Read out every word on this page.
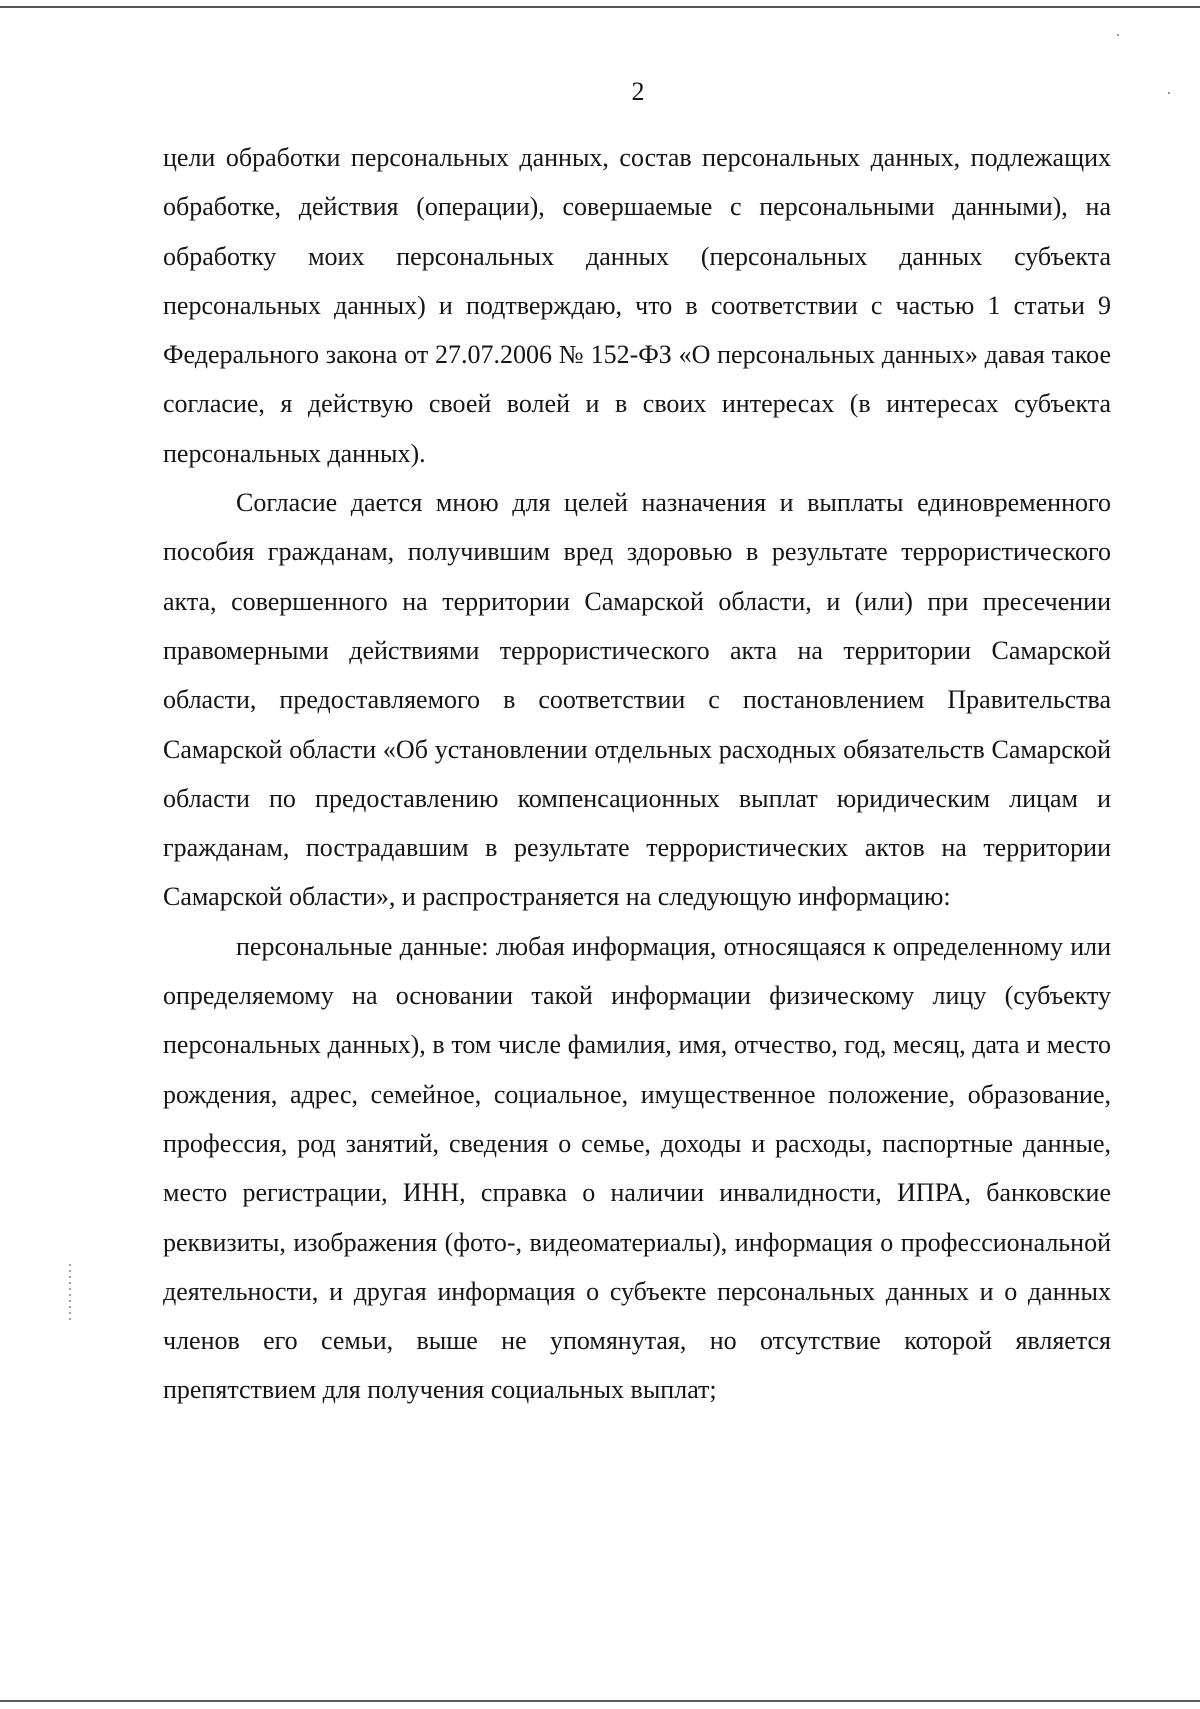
2

цели обработки персональных данных, состав персональных данных, подлежащих обработке, действия (операции), совершаемые с персональными данными), на обработку моих персональных данных (персональных данных субъекта персональных данных) и подтверждаю, что в соответствии с частью 1 статьи 9 Федерального закона от 27.07.2006 № 152-ФЗ «О персональных данных» давая такое согласие, я действую своей волей и в своих интересах (в интересах субъекта персональных данных).

Согласие дается мною для целей назначения и выплаты единовременного пособия гражданам, получившим вред здоровью в результате террористического акта, совершенного на территории Самарской области, и (или) при пресечении правомерными действиями террористического акта на территории Самарской области, предоставляемого в соответствии с постановлением Правительства Самарской области «Об установлении отдельных расходных обязательств Самарской области по предоставлению компенсационных выплат юридическим лицам и гражданам, пострадавшим в результате террористических актов на территории Самарской области», и распространяется на следующую информацию:

персональные данные: любая информация, относящаяся к определенному или определяемому на основании такой информации физическому лицу (субъекту персональных данных), в том числе фамилия, имя, отчество, год, месяц, дата и место рождения, адрес, семейное, социальное, имущественное положение, образование, профессия, род занятий, сведения о семье, доходы и расходы, паспортные данные, место регистрации, ИНН, справка о наличии инвалидности, ИПРА, банковские реквизиты, изображения (фото-, видеоматериалы), информация о профессиональной деятельности, и другая информация о субъекте персональных данных и о данных членов его семьи, выше не упомянутая, но отсутствие которой является препятствием для получения социальных выплат;
